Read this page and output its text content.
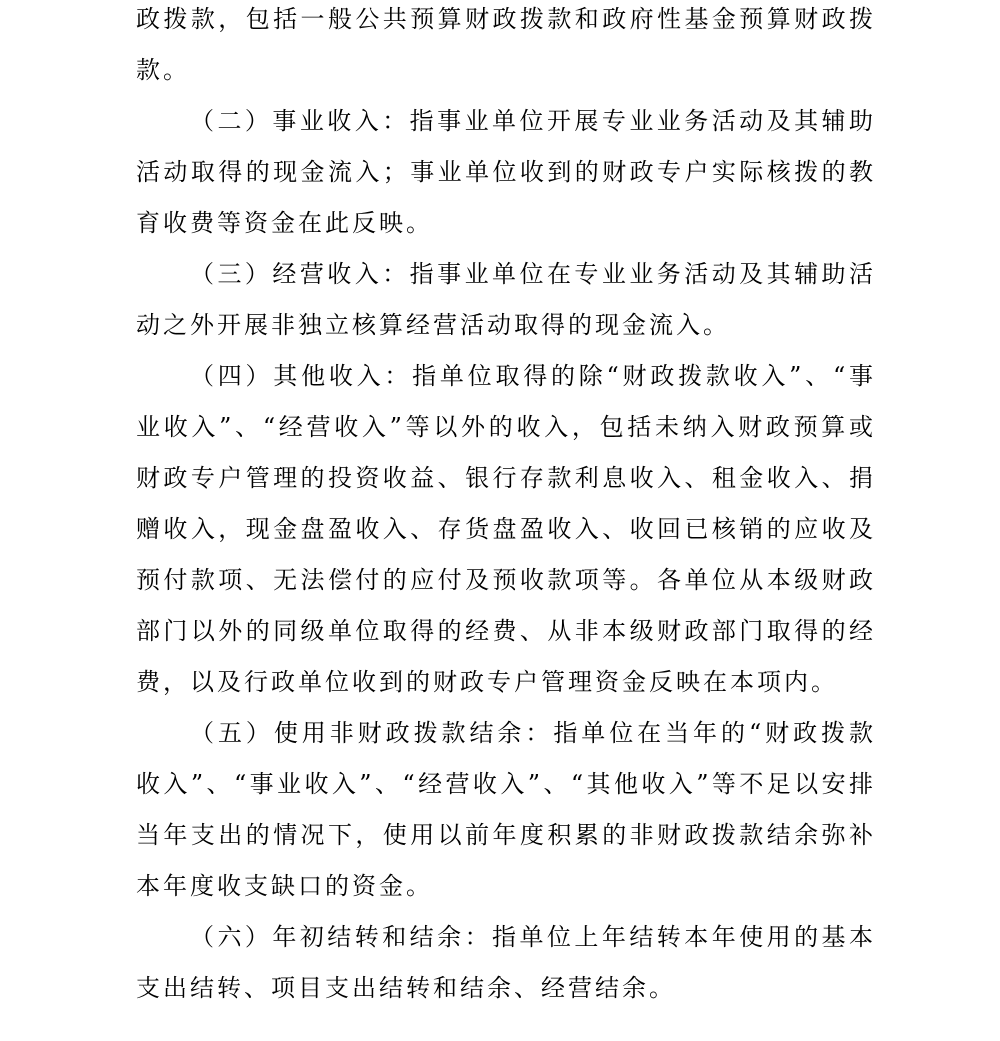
政拨款，包括一般公共预算财政拨款和政府性基金预算财政拨款。

（二）事业收入：指事业单位开展专业业务活动及其辅助活动取得的现金流入；事业单位收到的财政专户实际核拨的教育收费等资金在此反映。

（三）经营收入：指事业单位在专业业务活动及其辅助活动之外开展非独立核算经营活动取得的现金流入。

（四）其他收入：指单位取得的除“财政拨款收入”、“事业收入”、“经营收入”等以外的收入，包括未纳入财政预算或财政专户管理的投资收益、银行存款利息收入、租金收入、捐赠收入，现金盘盈收入、存货盘盈收入、收回已核销的应收及预付款项、无法偿付的应付及预收款项等。各单位从本级财政部门以外的同级单位取得的经费、从非本级财政部门取得的经费，以及行政单位收到的财政专户管理资金反映在本项内。

（五）使用非财政拨款结余：指单位在当年的“财政拨款收入”、“事业收入”、“经营收入”、“其他收入”等不足以安排当年支出的情况下，使用以前年度积累的非财政拨款结余弥补本年度收支缺口的资金。

（六）年初结转和结余：指单位上年结转本年使用的基本支出结转、项目支出结转和结余、经营结余。
